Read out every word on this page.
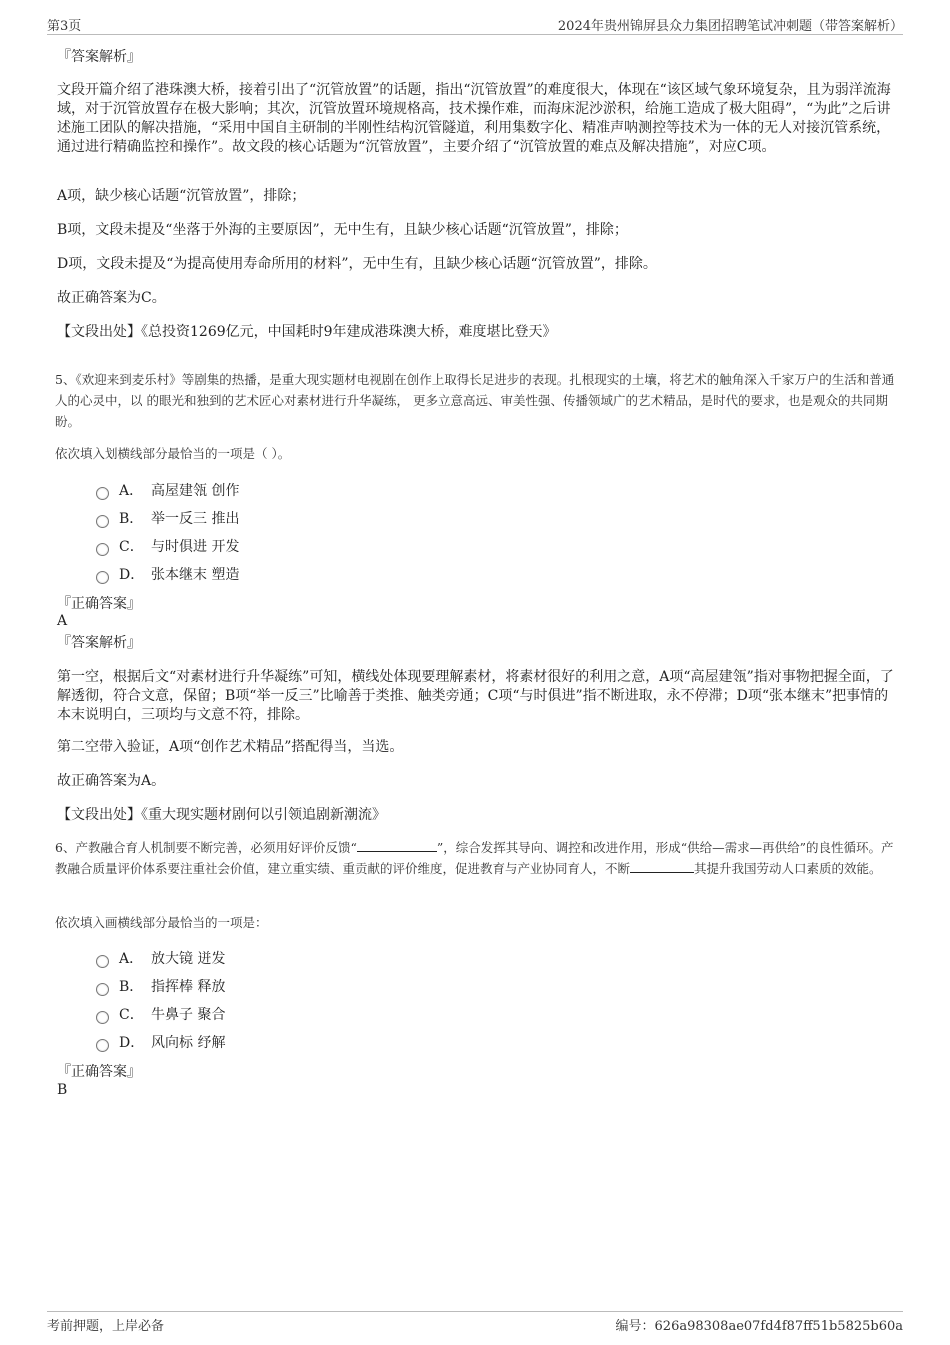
第3页	2024年贵州锦屏县众力集团招聘笔试冲刺题（带答案解析）
『答案解析』
文段开篇介绍了港珠澳大桥，接着引出了“沉管放置”的话题，指出“沉管放置”的难度很大，体现在“该区域气象环境复杂，且为弱洋流海域，对于沉管放置存在极大影响；其次，沉管放置环境规格高，技术操作难，而海床泥沙淤积，给施工造成了极大阻碍”，“为此”之后讲述施工团队的解决措施，“采用中国自主研制的半刚性结构沉管隧道，利用集数字化、精准声呐测控等技术为一体的无人对接沉管系统，通过进行精确监控和操作”。故文段的核心话题为“沉管放置”，主要介绍了“沉管放置的难点及解决措施”，对应C项。
A项，缺少核心话题“沉管放置”，排除；
B项，文段未提及“坐落于外海的主要原因”，无中生有，且缺少核心话题“沉管放置”，排除；
D项，文段未提及“为提高使用寿命所用的材料”，无中生有，且缺少核心话题“沉管放置”，排除。
故正确答案为C。
【文段出处】《总投资1269亿元，中国耗时9年建成港珠澳大桥，难度堪比登天》
5、《欢迎来到麦乐村》等剧集的热播，是重大现实题材电视剧在创作上取得长足进步的表现。扎根现实的土壤，将艺术的触角深入千家万户的生活和普通人的心灵中，以 的眼光和独到的艺术匠心对素材进行升华凝练， 更多立意高远、审美性强、传播领域广的艺术精品，是时代的要求，也是观众的共同期盼。
依次填入划横线部分最恰当的一项是（ ）。
A． 高屋建瓴 创作
B． 举一反三 推出
C． 与时俱进 开发
D． 张本继末 塑造
『正确答案』
A
『答案解析』
第一空，根据后文“对素材进行升华凝练”可知，横线处体现要理解素材，将素材很好的利用之意，A项“高屋建瓴”指对事物把握全面，了解透彻，符合文意，保留；B项“举一反三”比喻善于类推、触类旁通；C项“与时俱进”指不断进取，永不停滞；D项“张本继末”把事情的本末说明白，三项均与文意不符，排除。
第二空带入验证，A项“创作艺术精品”搭配得当，当选。
故正确答案为A。
【文段出处】《重大现实题材剧何以引领追剧新潮流》
6、产教融合育人机制要不断完善，必须用好评价反馈“	”，综合发挥其导向、调控和改进作用，形成“供给—需求—再供给”的良性循环。产教融合质量评价体系要注重社会价值，建立重实绩、重贡献的评价维度，促进教育与产业协同育人，不断	其提升我国劳动人口素质的效能。
依次填入画横线部分最恰当的一项是：
A． 放大镜 迸发
B． 指挥棒 释放
C． 牛鼻子 聚合
D． 风向标 纾解
『正确答案』
B
考前押题，上岸必备	编号：626a98308ae07fd4f87ff51b5825b60a
